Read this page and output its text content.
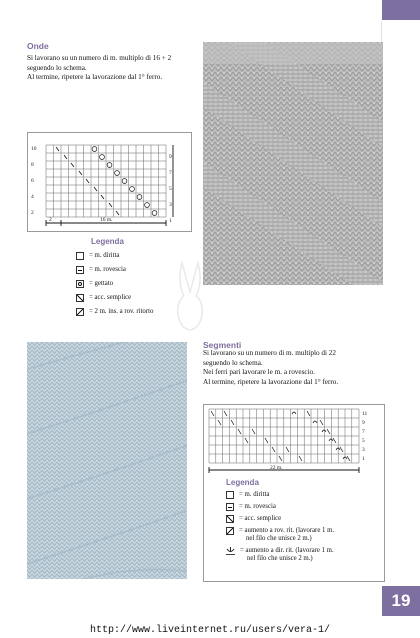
Onde
Si lavorano su un numero di m. multiplo di 16 + 2
seguendo lo schema.
Al termine, ripetere la lavorazione dal 1° ferro.
10
8
6
4
2
9
7
5
3
1
2	16 m.
Legenda
= m. diritta
= m. rovescia
= gettato
= acc. semplice
= 2 m. ins. a rov. ritorto
Segmenti
Si lavorano su un numero di m. multiplo di 22
seguendo lo schema.
Nei ferri pari lavorare le m. a rovescio.
Al termine, ripetere la lavorazione dal 1° ferro.
11
9
7
5
3
1
22 m.
Legenda
= m. diritta
= m. rovescia
= acc. semplice
= aumento a rov. rit. (lavorare 1 m.
nel filo che unisce 2 m.)
= aumento a dir. rit. (lavorare 1 m.
nel filo che unisce 2 m.)
19
http://www.liveinternet.ru/users/vera-1/
